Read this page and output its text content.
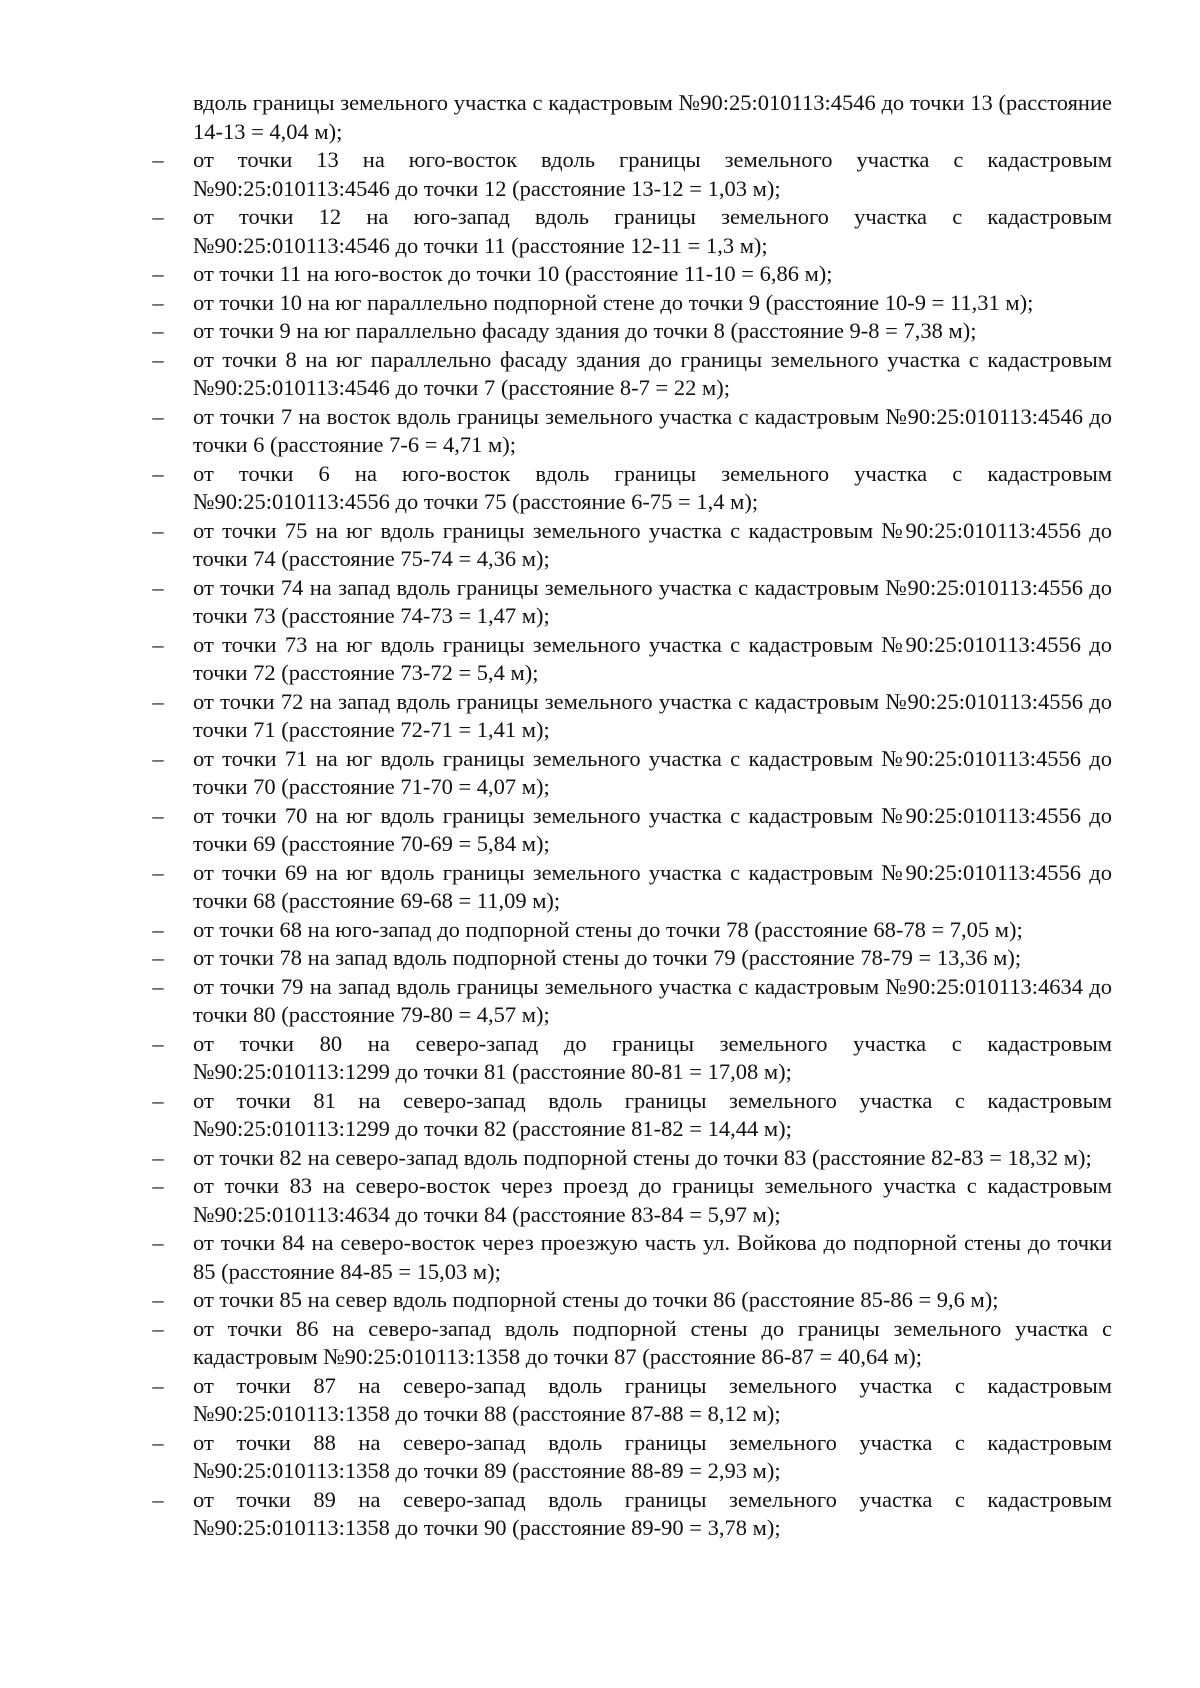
вдоль границы земельного участка с кадастровым №90:25:010113:4546 до точки 13 (расстояние 14-13 = 4,04 м);
– от точки 13 на юго-восток вдоль границы земельного участка с кадастровым №90:25:010113:4546 до точки 12 (расстояние 13-12 = 1,03 м);
– от точки 12 на юго-запад вдоль границы земельного участка с кадастровым №90:25:010113:4546 до точки 11 (расстояние 12-11 = 1,3 м);
– от точки 11 на юго-восток до точки 10 (расстояние 11-10 = 6,86 м);
– от точки 10 на юг параллельно подпорной стене до точки 9 (расстояние 10-9 = 11,31 м);
– от точки 9 на юг параллельно фасаду здания до точки 8 (расстояние 9-8 = 7,38 м);
– от точки 8 на юг параллельно фасаду здания до границы земельного участка с кадастровым №90:25:010113:4546 до точки 7 (расстояние 8-7 = 22 м);
– от точки 7 на восток вдоль границы земельного участка с кадастровым №90:25:010113:4546 до точки 6 (расстояние 7-6 = 4,71 м);
– от точки 6 на юго-восток вдоль границы земельного участка с кадастровым №90:25:010113:4556 до точки 75 (расстояние 6-75 = 1,4 м);
– от точки 75 на юг вдоль границы земельного участка с кадастровым №90:25:010113:4556 до точки 74 (расстояние 75-74 = 4,36 м);
– от точки 74 на запад вдоль границы земельного участка с кадастровым №90:25:010113:4556 до точки 73 (расстояние 74-73 = 1,47 м);
– от точки 73 на юг вдоль границы земельного участка с кадастровым №90:25:010113:4556 до точки 72 (расстояние 73-72 = 5,4 м);
– от точки 72 на запад вдоль границы земельного участка с кадастровым №90:25:010113:4556 до точки 71 (расстояние 72-71 = 1,41 м);
– от точки 71 на юг вдоль границы земельного участка с кадастровым №90:25:010113:4556 до точки 70 (расстояние 71-70 = 4,07 м);
– от точки 70 на юг вдоль границы земельного участка с кадастровым №90:25:010113:4556 до точки 69 (расстояние 70-69 = 5,84 м);
– от точки 69 на юг вдоль границы земельного участка с кадастровым №90:25:010113:4556 до точки 68 (расстояние 69-68 = 11,09 м);
– от точки 68 на юго-запад до подпорной стены до точки 78 (расстояние 68-78 = 7,05 м);
– от точки 78 на запад вдоль подпорной стены до точки 79 (расстояние 78-79 = 13,36 м);
– от точки 79 на запад вдоль границы земельного участка с кадастровым №90:25:010113:4634 до точки 80 (расстояние 79-80 = 4,57 м);
– от точки 80 на северо-запад до границы земельного участка с кадастровым №90:25:010113:1299 до точки 81 (расстояние 80-81 = 17,08 м);
– от точки 81 на северо-запад вдоль границы земельного участка с кадастровым №90:25:010113:1299 до точки 82 (расстояние 81-82 = 14,44 м);
– от точки 82 на северо-запад вдоль подпорной стены до точки 83 (расстояние 82-83 = 18,32 м);
– от точки 83 на северо-восток через проезд до границы земельного участка с кадастровым №90:25:010113:4634 до точки 84 (расстояние 83-84 = 5,97 м);
– от точки 84 на северо-восток через проезжую часть ул. Войкова до подпорной стены до точки 85 (расстояние 84-85 = 15,03 м);
– от точки 85 на север вдоль подпорной стены до точки 86 (расстояние 85-86 = 9,6 м);
– от точки 86 на северо-запад вдоль подпорной стены до границы земельного участка с кадастровым №90:25:010113:1358 до точки 87 (расстояние 86-87 = 40,64 м);
– от точки 87 на северо-запад вдоль границы земельного участка с кадастровым №90:25:010113:1358 до точки 88 (расстояние 87-88 = 8,12 м);
– от точки 88 на северо-запад вдоль границы земельного участка с кадастровым №90:25:010113:1358 до точки 89 (расстояние 88-89 = 2,93 м);
– от точки 89 на северо-запад вдоль границы земельного участка с кадастровым №90:25:010113:1358 до точки 90 (расстояние 89-90 = 3,78 м);
